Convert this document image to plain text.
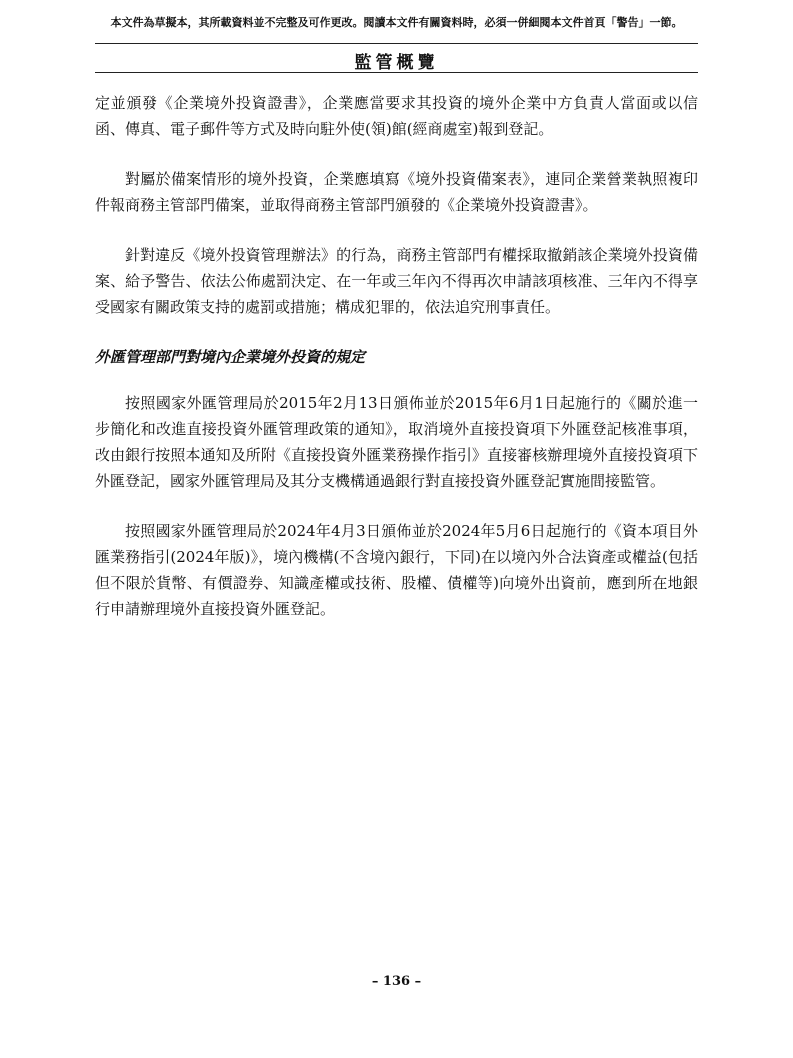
本文件為草擬本，其所載資料並不完整及可作更改。閱讀本文件有關資料時，必須一併細閱本文件首頁「警告」一節。
監管概覽

定並頒發《企業境外投資證書》，企業應當要求其投資的境外企業中方負責人當面或以信函、傳真、電子郵件等方式及時向駐外使(領)館(經商處室)報到登記。

對屬於備案情形的境外投資，企業應填寫《境外投資備案表》，連同企業營業執照複印件報商務主管部門備案，並取得商務主管部門頒發的《企業境外投資證書》。

針對違反《境外投資管理辦法》的行為，商務主管部門有權採取撤銷該企業境外投資備案、給予警告、依法公佈處罰決定、在一年或三年內不得再次申請該項核准、三年內不得享受國家有關政策支持的處罰或措施；構成犯罪的，依法追究刑事責任。

外匯管理部門對境內企業境外投資的規定

按照國家外匯管理局於2015年2月13日頒佈並於2015年6月1日起施行的《關於進一步簡化和改進直接投資外匯管理政策的通知》，取消境外直接投資項下外匯登記核准事項，改由銀行按照本通知及所附《直接投資外匯業務操作指引》直接審核辦理境外直接投資項下外匯登記，國家外匯管理局及其分支機構通過銀行對直接投資外匯登記實施間接監管。

按照國家外匯管理局於2024年4月3日頒佈並於2024年5月6日起施行的《資本項目外匯業務指引(2024年版)》，境內機構(不含境內銀行，下同)在以境內外合法資產或權益(包括但不限於貨幣、有價證券、知識產權或技術、股權、債權等)向境外出資前，應到所在地銀行申請辦理境外直接投資外匯登記。

– 136 –
